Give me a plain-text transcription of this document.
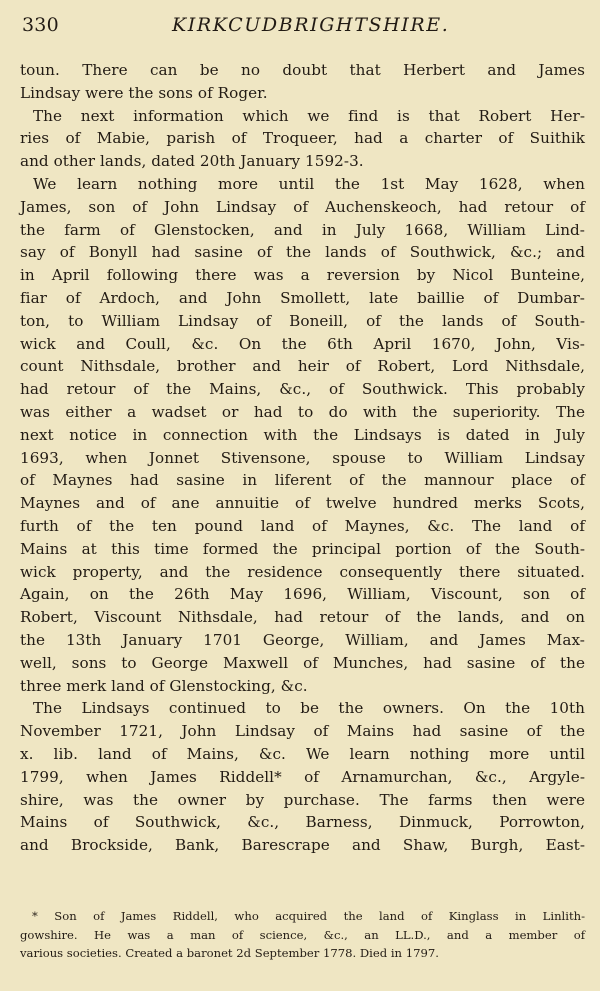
330	KIRKCUDBRIGHTSHIRE.
toun. There can be no doubt that Herbert and James
Lindsay were the sons of Roger.
The next information which we find is that Robert Her-
ries of Mabie, parish of Troqueer, had a charter of Suithik
and other lands, dated 20th January 1592-3.
We learn nothing more until the 1st May 1628, when
James, son of John Lindsay of Auchenskeoch, had retour of
the farm of Glenstocken, and in July 1668, William Lind-
say of Bonyll had sasine of the lands of Southwick, &c.; and
in April following there was a reversion by Nicol Bunteine,
fiar of Ardoch, and John Smollett, late baillie of Dumbar-
ton, to William Lindsay of Boneill, of the lands of South-
wick and Coull, &c. On the 6th April 1670, John, Vis-
count Nithsdale, brother and heir of Robert, Lord Nithsdale,
had retour of the Mains, &c., of Southwick. This probably
was either a wadset or had to do with the superiority. The
next notice in connection with the Lindsays is dated in July
1693, when Jonnet Stivensone, spouse to William Lindsay
of Maynes had sasine in liferent of the mannour place of
Maynes and of ane annuitie of twelve hundred merks Scots,
furth of the ten pound land of Maynes, &c. The land of
Mains at this time formed the principal portion of the South-
wick property, and the residence consequently there situated.
Again, on the 26th May 1696, William, Viscount, son of
Robert, Viscount Nithsdale, had retour of the lands, and on
the 13th January 1701 George, William, and James Max-
well, sons to George Maxwell of Munches, had sasine of the
three merk land of Glenstocking, &c.
The Lindsays continued to be the owners. On the 10th
November 1721, John Lindsay of Mains had sasine of the
x. lib. land of Mains, &c. We learn nothing more until
1799, when James Riddell* of Arnamurchan, &c., Argyle-
shire, was the owner by purchase. The farms then were
Mains of Southwick, &c., Barness, Dinmuck, Porrowton,
and Brockside, Bank, Barescrape and Shaw, Burgh, East-
* Son of James Riddell, who acquired the land of Kinglass in Linlith-
gowshire. He was a man of science, &c., an LL.D., and a member of
various societies. Created a baronet 2d September 1778. Died in 1797.
